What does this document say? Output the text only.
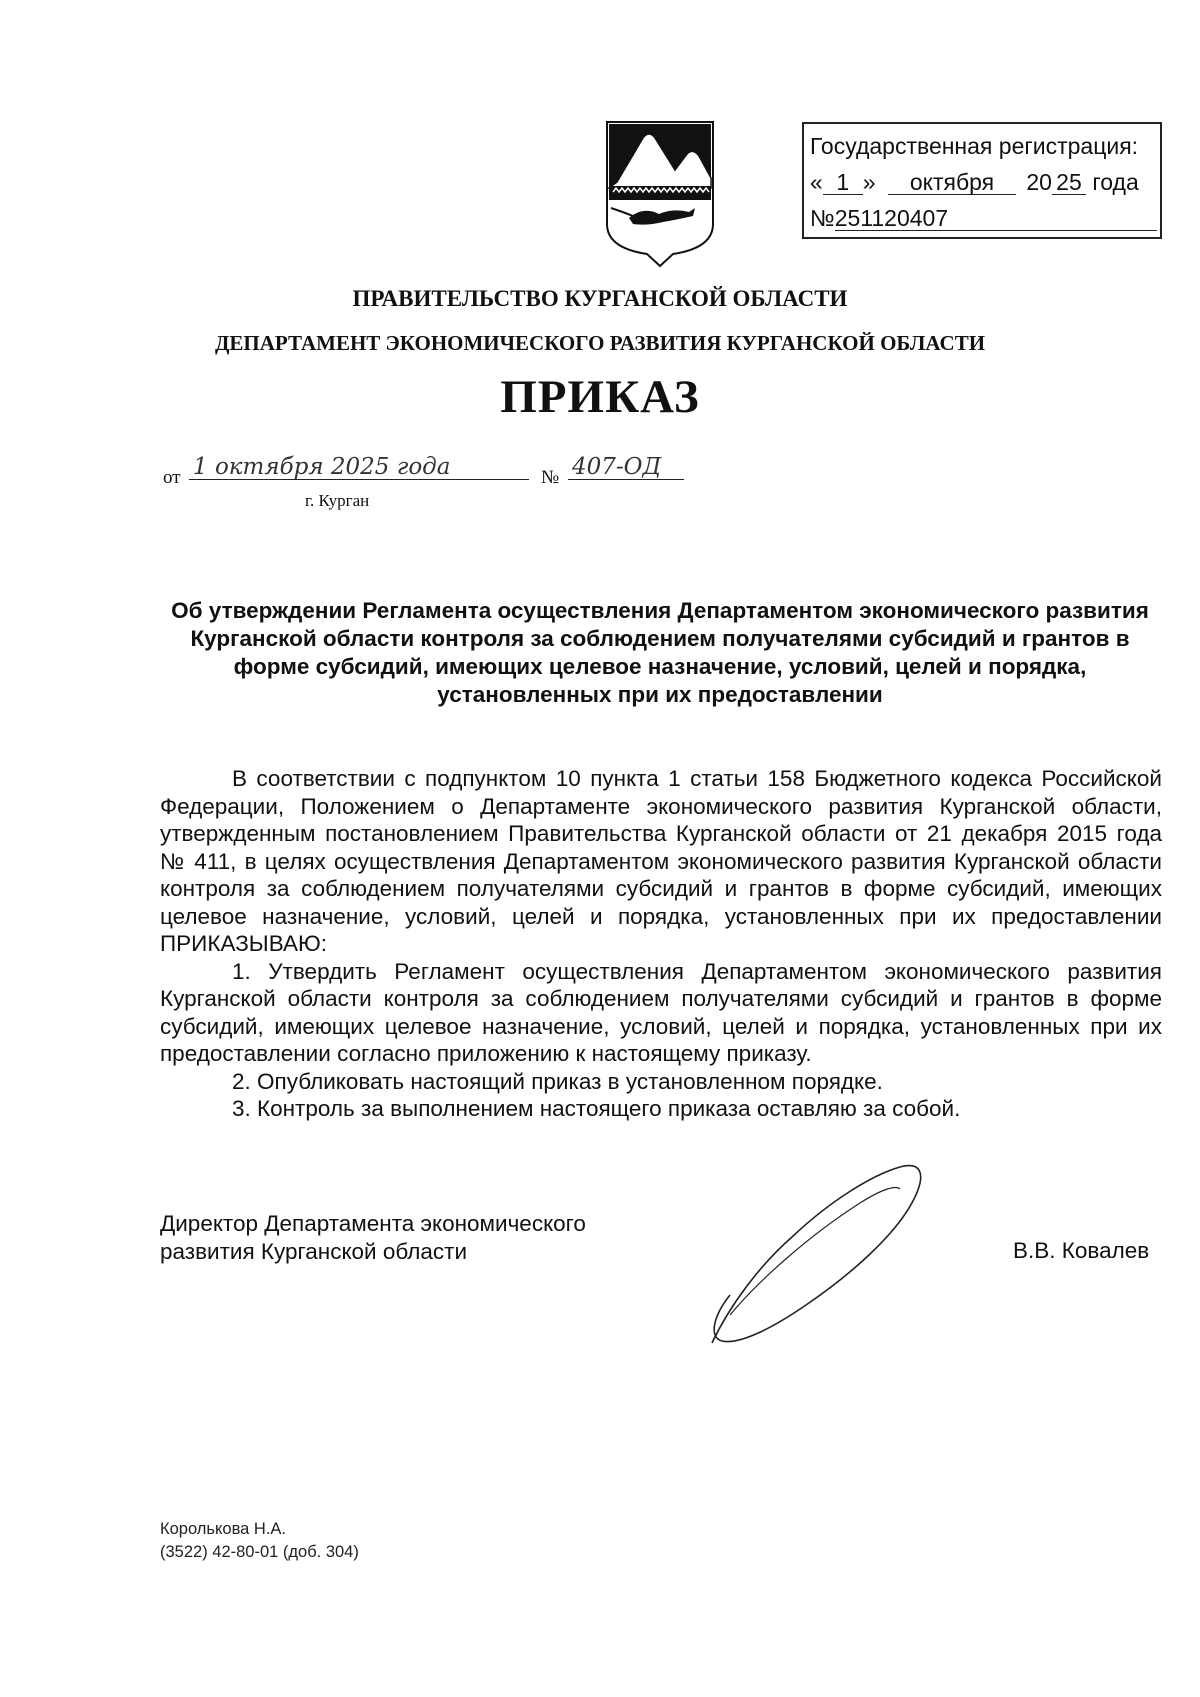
Государственная регистрация:
« 1 » октября 20 25 года
№251120407
ПРАВИТЕЛЬСТВО КУРГАНСКОЙ ОБЛАСТИ
ДЕПАРТАМЕНТ ЭКОНОМИЧЕСКОГО РАЗВИТИЯ КУРГАНСКОЙ ОБЛАСТИ
ПРИКАЗ
от 1 октября 2025 года	№ 407-ОД
г. Курган
Об утверждении Регламента осуществления Департаментом экономического развития Курганской области контроля за соблюдением получателями субсидий и грантов в форме субсидий, имеющих целевое назначение, условий, целей и порядка, установленных при их предоставлении

В соответствии с подпунктом 10 пункта 1 статьи 158 Бюджетного кодекса Российской Федерации, Положением о Департаменте экономического развития Курганской области, утвержденным постановлением Правительства Курганской области от 21 декабря 2015 года № 411, в целях осуществления Департаментом экономического развития Курганской области контроля за соблюдением получателями субсидий и грантов в форме субсидий, имеющих целевое назначение, условий, целей и порядка, установленных при их предоставлении ПРИКАЗЫВАЮ:

1. Утвердить Регламент осуществления Департаментом экономического развития Курганской области контроля за соблюдением получателями субсидий и грантов в форме субсидий, имеющих целевое назначение, условий, целей и порядка, установленных при их предоставлении согласно приложению к настоящему приказу.

2. Опубликовать настоящий приказ в установленном порядке.

3. Контроль за выполнением настоящего приказа оставляю за собой.

Директор Департамента экономического
развития Курганской области	В.В. Ковалев
Королькова Н.А.
(3522) 42-80-01 (доб. 304)
